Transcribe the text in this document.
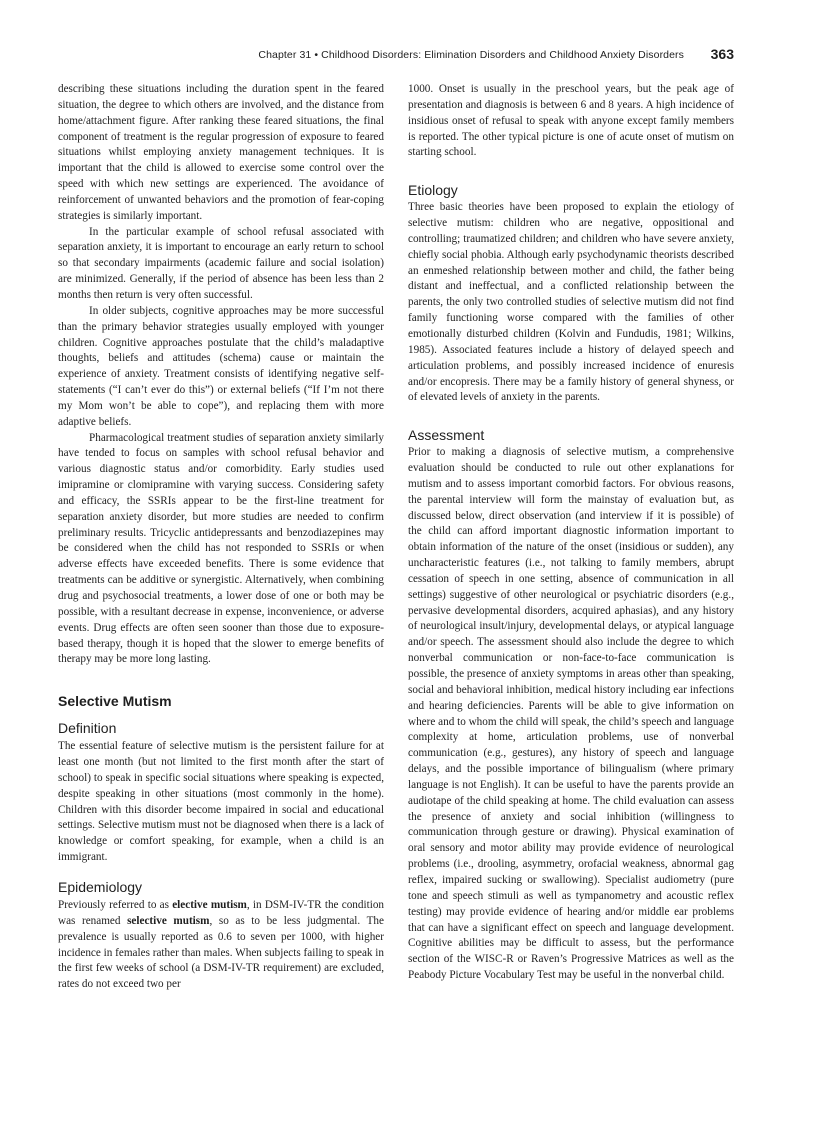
Chapter 31 • Childhood Disorders: Elimination Disorders and Childhood Anxiety Disorders 363

describing these situations including the duration spent in the feared situation, the degree to which others are involved, and the distance from home/attachment figure. After ranking these feared situations, the final component of treatment is the regular progression of exposure to feared situations whilst employing anxiety management techniques. It is important that the child is allowed to exercise some control over the speed with which new settings are experienced. The avoidance of reinforcement of unwanted behaviors and the promotion of fear-coping strategies is similarly important.

In the particular example of school refusal associated with separation anxiety, it is important to encourage an early return to school so that secondary impairments (academic failure and social isolation) are minimized. Generally, if the period of absence has been less than 2 months then return is very often successful.

In older subjects, cognitive approaches may be more successful than the primary behavior strategies usually employed with younger children. Cognitive approaches postulate that the child’s maladaptive thoughts, beliefs and attitudes (schema) cause or maintain the experience of anxiety. Treatment consists of identifying negative self-statements (“I can’t ever do this”) or external beliefs (“If I’m not there my Mom won’t be able to cope”), and replacing them with more adaptive beliefs.

Pharmacological treatment studies of separation anxiety similarly have tended to focus on samples with school refusal behavior and various diagnostic status and/or comorbidity. Early studies used imipramine or clomipramine with varying success. Considering safety and efficacy, the SSRIs appear to be the first-line treatment for separation anxiety disorder, but more studies are needed to confirm preliminary results. Tricyclic antidepressants and benzodiazepines may be considered when the child has not responded to SSRIs or when adverse effects have exceeded benefits. There is some evidence that treatments can be additive or synergistic. Alternatively, when combining drug and psychosocial treatments, a lower dose of one or both may be possible, with a resultant decrease in expense, inconvenience, or adverse events. Drug effects are often seen sooner than those due to exposure-based therapy, though it is hoped that the slower to emerge benefits of therapy may be more long lasting.

Selective Mutism
Definition

The essential feature of selective mutism is the persistent failure for at least one month (but not limited to the first month after the start of school) to speak in specific social situations where speaking is expected, despite speaking in other situations (most commonly in the home). Children with this disorder become impaired in social and educational settings. Selective mutism must not be diagnosed when there is a lack of knowledge or comfort speaking, for example, when a child is an immigrant.

Epidemiology

Previously referred to as elective mutism, in DSM-IV-TR the condition was renamed selective mutism, so as to be less judgmental. The prevalence is usually reported as 0.6 to seven per 1000, with higher incidence in females rather than males. When subjects failing to speak in the first few weeks of school (a DSM-IV-TR requirement) are excluded, rates do not exceed two per

1000. Onset is usually in the preschool years, but the peak age of presentation and diagnosis is between 6 and 8 years. A high incidence of insidious onset of refusal to speak with anyone except family members is reported. The other typical picture is one of acute onset of mutism on starting school.

Etiology

Three basic theories have been proposed to explain the etiology of selective mutism: children who are negative, oppositional and controlling; traumatized children; and children who have severe anxiety, chiefly social phobia. Although early psychodynamic theorists described an enmeshed relationship between mother and child, the father being distant and ineffectual, and a conflicted relationship between the parents, the only two controlled studies of selective mutism did not find family functioning worse compared with the families of other emotionally disturbed children (Kolvin and Fundudis, 1981; Wilkins, 1985). Associated features include a history of delayed speech and articulation problems, and possibly increased incidence of enuresis and/or encopresis. There may be a family history of general shyness, or of elevated levels of anxiety in the parents.

Assessment

Prior to making a diagnosis of selective mutism, a comprehensive evaluation should be conducted to rule out other explanations for mutism and to assess important comorbid factors. For obvious reasons, the parental interview will form the mainstay of evaluation but, as discussed below, direct observation (and interview if it is possible) of the child can afford important diagnostic information important to obtain information of the nature of the onset (insidious or sudden), any uncharacteristic features (i.e., not talking to family members, abrupt cessation of speech in one setting, absence of communication in all settings) suggestive of other neurological or psychiatric disorders (e.g., pervasive developmental disorders, acquired aphasias), and any history of neurological insult/injury, developmental delays, or atypical language and/or speech. The assessment should also include the degree to which nonverbal communication or non-face-to-face communication is possible, the presence of anxiety symptoms in areas other than speaking, social and behavioral inhibition, medical history including ear infections and hearing deficiencies. Parents will be able to give information on where and to whom the child will speak, the child’s speech and language complexity at home, articulation problems, use of nonverbal communication (e.g., gestures), any history of speech and language delays, and the possible importance of bilingualism (where primary language is not English). It can be useful to have the parents provide an audiotape of the child speaking at home. The child evaluation can assess the presence of anxiety and social inhibition (willingness to communication through gesture or drawing). Physical examination of oral sensory and motor ability may provide evidence of neurological problems (i.e., drooling, asymmetry, orofacial weakness, abnormal gag reflex, impaired sucking or swallowing). Specialist audiometry (pure tone and speech stimuli as well as tympanometry and acoustic reflex testing) may provide evidence of hearing and/or middle ear problems that can have a significant effect on speech and language development. Cognitive abilities may be difficult to assess, but the performance section of the WISC-R or Raven’s Progressive Matrices as well as the Peabody Picture Vocabulary Test may be useful in the nonverbal child.
